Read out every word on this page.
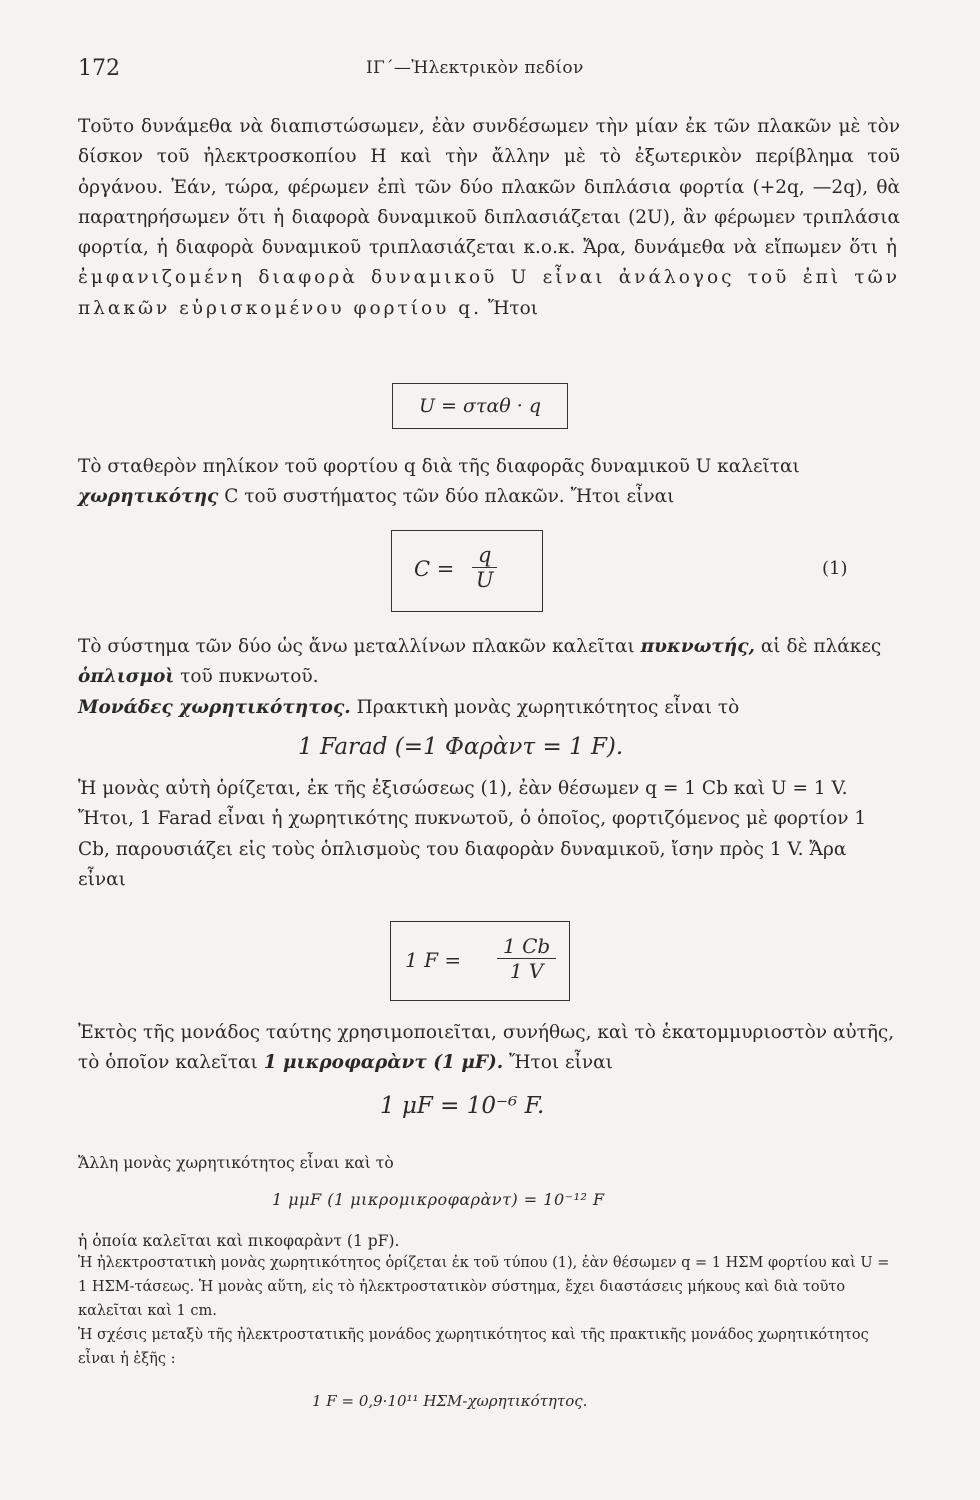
172	ΙΓ΄—Ἠλεκτρικὸν πεδίον
Τοῦτο δυνάμεθα νὰ διαπιστώσωμεν, ἐὰν συνδέσωμεν τὴν μίαν ἐκ τῶν πλακῶν μὲ τὸν δίσκον τοῦ ἠλεκτροσκοπίου Η καὶ τὴν ἄλλην μὲ τὸ ἐξωτερικὸν περίβλημα τοῦ ὀργάνου. Ἐάν, τώρα, φέρωμεν ἐπὶ τῶν δύο πλακῶν διπλάσια φορτία (+2q, —2q), θὰ παρατηρήσωμεν ὅτι ἡ διαφορὰ δυναμικοῦ διπλασιάζεται (2U), ἂν φέρωμεν τριπλάσια φορτία, ἡ διαφορὰ δυναμικοῦ τριπλασιάζεται κ.ο.κ. Ἄρα, δυνάμεθα νὰ εἴπωμεν ὅτι ἡ ἐμφανιζομένη διαφορὰ δυναμικοῦ U εἶναι ἀνάλογος τοῦ ἐπὶ τῶν πλακῶν εὑρισκομένου φορτίου q. Ἤτοι
U = σταθ · q
Τὸ σταθερὸν πηλίκον τοῦ φορτίου q διὰ τῆς διαφορᾶς δυναμικοῦ U καλεῖται χωρητικότης C τοῦ συστήματος τῶν δύο πλακῶν. Ἤτοι εἶναι
$C = \frac{q}{U}$	(1)
Τὸ σύστημα τῶν δύο ὡς ἄνω μεταλλίνων πλακῶν καλεῖται πυκνωτής, αἱ δὲ πλάκες ὁπλισμοὶ τοῦ πυκνωτοῦ.
Μονάδες χωρητικότητος. Πρακτικὴ μονὰς χωρητικότητος εἶναι τὸ
1 Farad (=1 Φαρὰντ = 1 F).
Ἡ μονὰς αὐτὴ ὁρίζεται, ἐκ τῆς ἐξισώσεως (1), ἐὰν θέσωμεν q = 1 Cb καὶ U = 1 V. Ἤτοι, 1 Farad εἶναι ἡ χωρητικότης πυκνωτοῦ, ὁ ὁποῖος, φορτιζόμενος μὲ φορτίον 1 Cb, παρουσιάζει εἰς τοὺς ὁπλισμοὺς του διαφορὰν δυναμικοῦ, ἴσην πρὸς 1 V. Ἄρα εἶναι
1 $F = \frac{1 Cb}{1 V}$
Ἐκτὸς τῆς μονάδος ταύτης χρησιμοποιεῖται, συνήθως, καὶ τὸ ἑκατομμυριοστὸν αὐτῆς, τὸ ὁποῖον καλεῖται 1 μικροφαρὰντ (1 μF). Ἤτοι εἶναι
1 μF = 10⁻⁶ F.
Ἄλλη μονὰς χωρητικότητος εἶναι καὶ τὸ
1 μμF (1 μικρομικροφαρὰντ) = 10⁻¹² F
ἡ ὁποία καλεῖται καὶ πικοφαρὰντ (1 pF).
Ἡ ἠλεκτροστατικὴ μονὰς χωρητικότητος ὁρίζεται ἐκ τοῦ τύπου (1), ἐὰν θέσωμεν q = 1 ΗΣΜ φορτίου καὶ U = 1 ΗΣΜ-τάσεως. Ἡ μονὰς αὕτη, εἰς τὸ ἠλεκτροστατικὸν σύστημα, ἔχει διαστάσεις μήκους καὶ διὰ τοῦτο καλεῖται καὶ 1 cm.
Ἡ σχέσις μεταξὺ τῆς ἠλεκτροστατικῆς μονάδος χωρητικότητος καὶ τῆς πρακτικῆς μονάδος χωρητικότητος εἶναι ἡ ἑξῆς :
1 F = 0,9·10¹¹ ΗΣΜ-χωρητικότητος.
